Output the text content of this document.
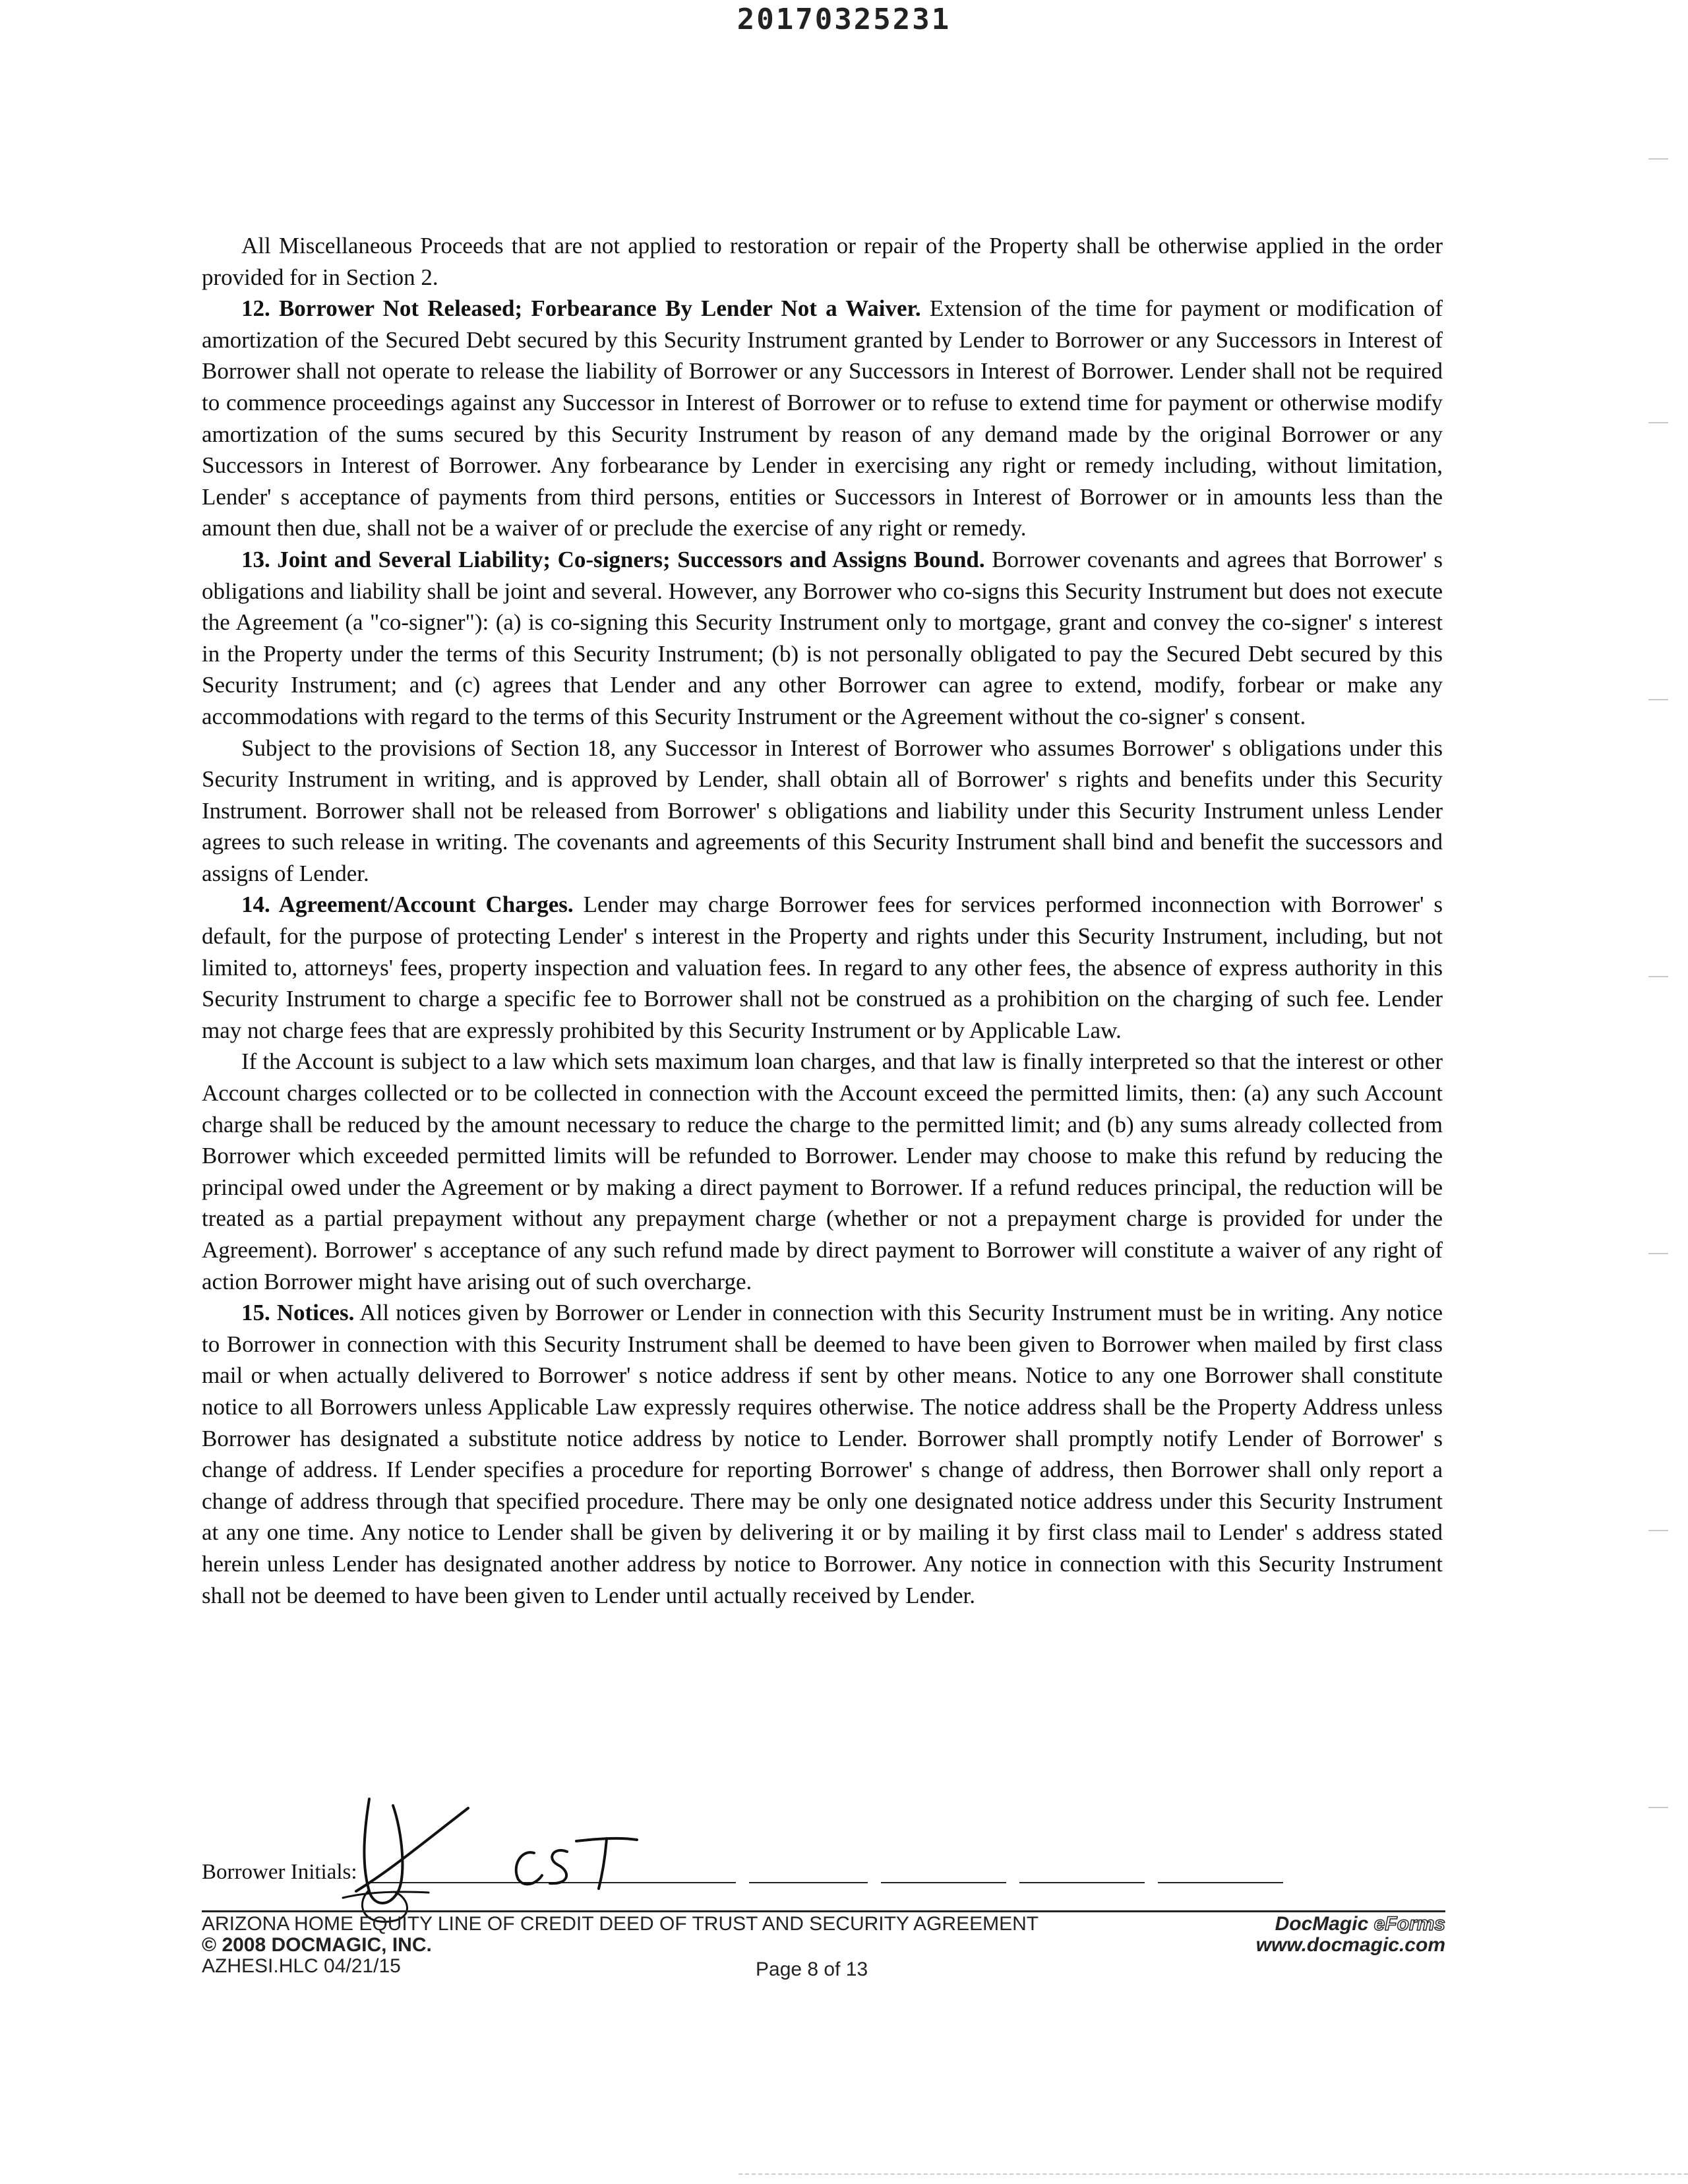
20170325231

All Miscellaneous Proceeds that are not applied to restoration or repair of the Property shall be otherwise applied in the order provided for in Section 2.

12. Borrower Not Released; Forbearance By Lender Not a Waiver. Extension of the time for payment or modification of amortization of the Secured Debt secured by this Security Instrument granted by Lender to Borrower or any Successors in Interest of Borrower shall not operate to release the liability of Borrower or any Successors in Interest of Borrower. Lender shall not be required to commence proceedings against any Successor in Interest of Borrower or to refuse to extend time for payment or otherwise modify amortization of the sums secured by this Security Instrument by reason of any demand made by the original Borrower or any Successors in Interest of Borrower. Any forbearance by Lender in exercising any right or remedy including, without limitation, Lender' s acceptance of payments from third persons, entities or Successors in Interest of Borrower or in amounts less than the amount then due, shall not be a waiver of or preclude the exercise of any right or remedy.

13. Joint and Several Liability; Co-signers; Successors and Assigns Bound. Borrower covenants and agrees that Borrower' s obligations and liability shall be joint and several. However, any Borrower who co-signs this Security Instrument but does not execute the Agreement (a "co-signer"): (a) is co-signing this Security Instrument only to mortgage, grant and convey the co-signer' s interest in the Property under the terms of this Security Instrument; (b) is not personally obligated to pay the Secured Debt secured by this Security Instrument; and (c) agrees that Lender and any other Borrower can agree to extend, modify, forbear or make any accommodations with regard to the terms of this Security Instrument or the Agreement without the co-signer' s consent.

Subject to the provisions of Section 18, any Successor in Interest of Borrower who assumes Borrower' s obligations under this Security Instrument in writing, and is approved by Lender, shall obtain all of Borrower' s rights and benefits under this Security Instrument. Borrower shall not be released from Borrower' s obligations and liability under this Security Instrument unless Lender agrees to such release in writing. The covenants and agreements of this Security Instrument shall bind and benefit the successors and assigns of Lender.

14. Agreement/Account Charges. Lender may charge Borrower fees for services performed inconnection with Borrower' s default, for the purpose of protecting Lender' s interest in the Property and rights under this Security Instrument, including, but not limited to, attorneys' fees, property inspection and valuation fees. In regard to any other fees, the absence of express authority in this Security Instrument to charge a specific fee to Borrower shall not be construed as a prohibition on the charging of such fee. Lender may not charge fees that are expressly prohibited by this Security Instrument or by Applicable Law.

If the Account is subject to a law which sets maximum loan charges, and that law is finally interpreted so that the interest or other Account charges collected or to be collected in connection with the Account exceed the permitted limits, then: (a) any such Account charge shall be reduced by the amount necessary to reduce the charge to the permitted limit; and (b) any sums already collected from Borrower which exceeded permitted limits will be refunded to Borrower. Lender may choose to make this refund by reducing the principal owed under the Agreement or by making a direct payment to Borrower. If a refund reduces principal, the reduction will be treated as a partial prepayment without any prepayment charge (whether or not a prepayment charge is provided for under the Agreement). Borrower' s acceptance of any such refund made by direct payment to Borrower will constitute a waiver of any right of action Borrower might have arising out of such overcharge.

15. Notices. All notices given by Borrower or Lender in connection with this Security Instrument must be in writing. Any notice to Borrower in connection with this Security Instrument shall be deemed to have been given to Borrower when mailed by first class mail or when actually delivered to Borrower' s notice address if sent by other means. Notice to any one Borrower shall constitute notice to all Borrowers unless Applicable Law expressly requires otherwise. The notice address shall be the Property Address unless Borrower has designated a substitute notice address by notice to Lender. Borrower shall promptly notify Lender of Borrower' s change of address. If Lender specifies a procedure for reporting Borrower' s change of address, then Borrower shall only report a change of address through that specified procedure. There may be only one designated notice address under this Security Instrument at any one time. Any notice to Lender shall be given by delivering it or by mailing it by first class mail to Lender' s address stated herein unless Lender has designated another address by notice to Borrower. Any notice in connection with this Security Instrument shall not be deemed to have been given to Lender until actually received by Lender.

Borrower Initials:
ARIZONA HOME EQUITY LINE OF CREDIT DEED OF TRUST AND SECURITY AGREEMENT
© 2008 DOCMAGIC, INC.
AZHESI.HLC 04/21/15	Page 8 of 13
DocMagic eForms
www.docmagic.com
